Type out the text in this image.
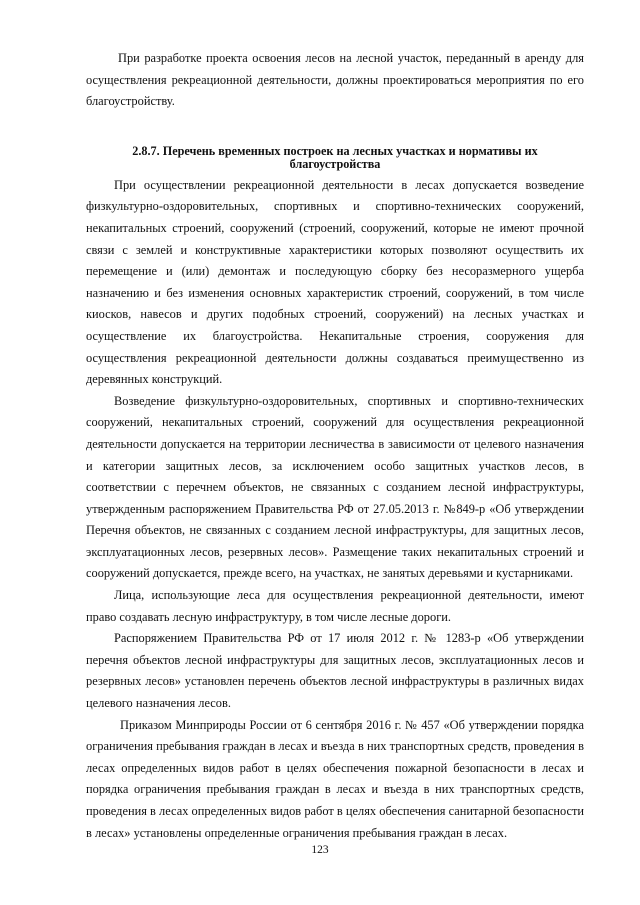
При разработке проекта освоения лесов на лесной участок, переданный в аренду для осуществления рекреационной деятельности, должны проектироваться мероприятия по его благоустройству.

2.8.7. Перечень временных построек на лесных участках и нормативы их благоустройства

При осуществлении рекреационной деятельности в лесах допускается возведение физкультурно-оздоровительных, спортивных и спортивно-технических сооружений, некапитальных строений, сооружений (строений, сооружений, которые не имеют прочной связи с землей и конструктивные характеристики которых позволяют осуществить их перемещение и (или) демонтаж и последующую сборку без несоразмерного ущерба назначению и без изменения основных характеристик строений, сооружений, в том числе киосков, навесов и других подобных строений, сооружений) на лесных участках и осуществление их благоустройства. Некапитальные строения, сооружения для осуществления рекреационной деятельности должны создаваться преимущественно из деревянных конструкций.

Возведение физкультурно-оздоровительных, спортивных и спортивно-технических сооружений, некапитальных строений, сооружений для осуществления рекреационной деятельности допускается на территории лесничества в зависимости от целевого назначения и категории защитных лесов, за исключением особо защитных участков лесов, в соответствии с перечнем объектов, не связанных с созданием лесной инфраструктуры, утвержденным распоряжением Правительства РФ от 27.05.2013 г. №849-р «Об утверждении Перечня объектов, не связанных с созданием лесной инфраструктуры, для защитных лесов, эксплуатационных лесов, резервных лесов». Размещение таких некапитальных строений и сооружений допускается, прежде всего, на участках, не занятых деревьями и кустарниками.

Лица, использующие леса для осуществления рекреационной деятельности, имеют право создавать лесную инфраструктуру, в том числе лесные дороги.

Распоряжением Правительства РФ от 17 июля 2012 г. № 1283-р «Об утверждении перечня объектов лесной инфраструктуры для защитных лесов, эксплуатационных лесов и резервных лесов» установлен перечень объектов лесной инфраструктуры в различных видах целевого назначения лесов.

Приказом Минприроды России от 6 сентября 2016 г. № 457 «Об утверждении порядка ограничения пребывания граждан в лесах и въезда в них транспортных средств, проведения в лесах определенных видов работ в целях обеспечения пожарной безопасности в лесах и порядка ограничения пребывания граждан в лесах и въезда в них транспортных средств, проведения в лесах определенных видов работ в целях обеспечения санитарной безопасности в лесах» установлены определенные ограничения пребывания граждан в лесах.

123
